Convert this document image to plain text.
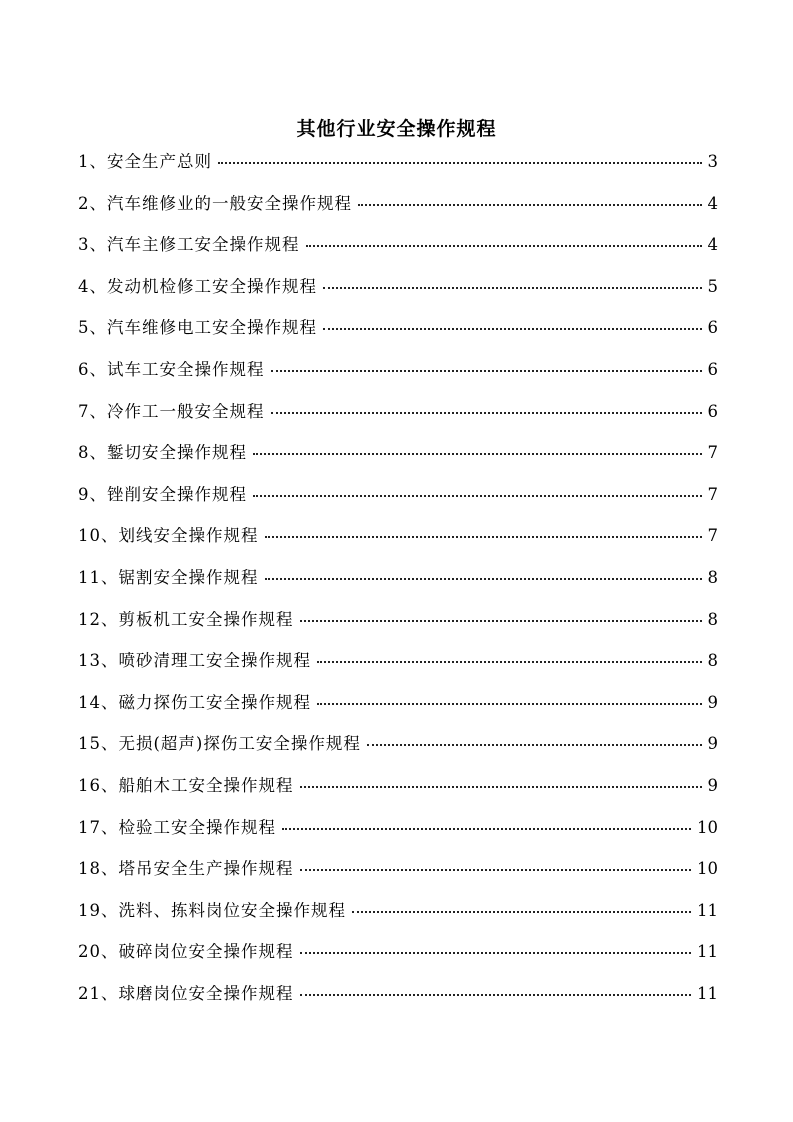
其他行业安全操作规程
1、 安全生产总则	3
2、 汽车维修业的一般安全操作规程	4
3、 汽车主修工安全操作规程	4
4、 发动机检修工安全操作规程	5
5、 汽车维修电工安全操作规程	6
6、 试车工安全操作规程	6
7、 冷作工一般安全规程	6
8、 錾切安全操作规程	7
9、 锉削安全操作规程	7
10、 划线安全操作规程	7
11、 锯割安全操作规程	8
12、 剪板机工安全操作规程	8
13、 喷砂清理工安全操作规程	8
14、 磁力探伤工安全操作规程	9
15、 无损(超声)探伤工安全操作规程	9
16、 船舶木工安全操作规程	9
17、 检验工安全操作规程	10
18、 塔吊安全生产操作规程	10
19、 洗料、拣料岗位安全操作规程	11
20、 破碎岗位安全操作规程	11
21、 球磨岗位安全操作规程	11
